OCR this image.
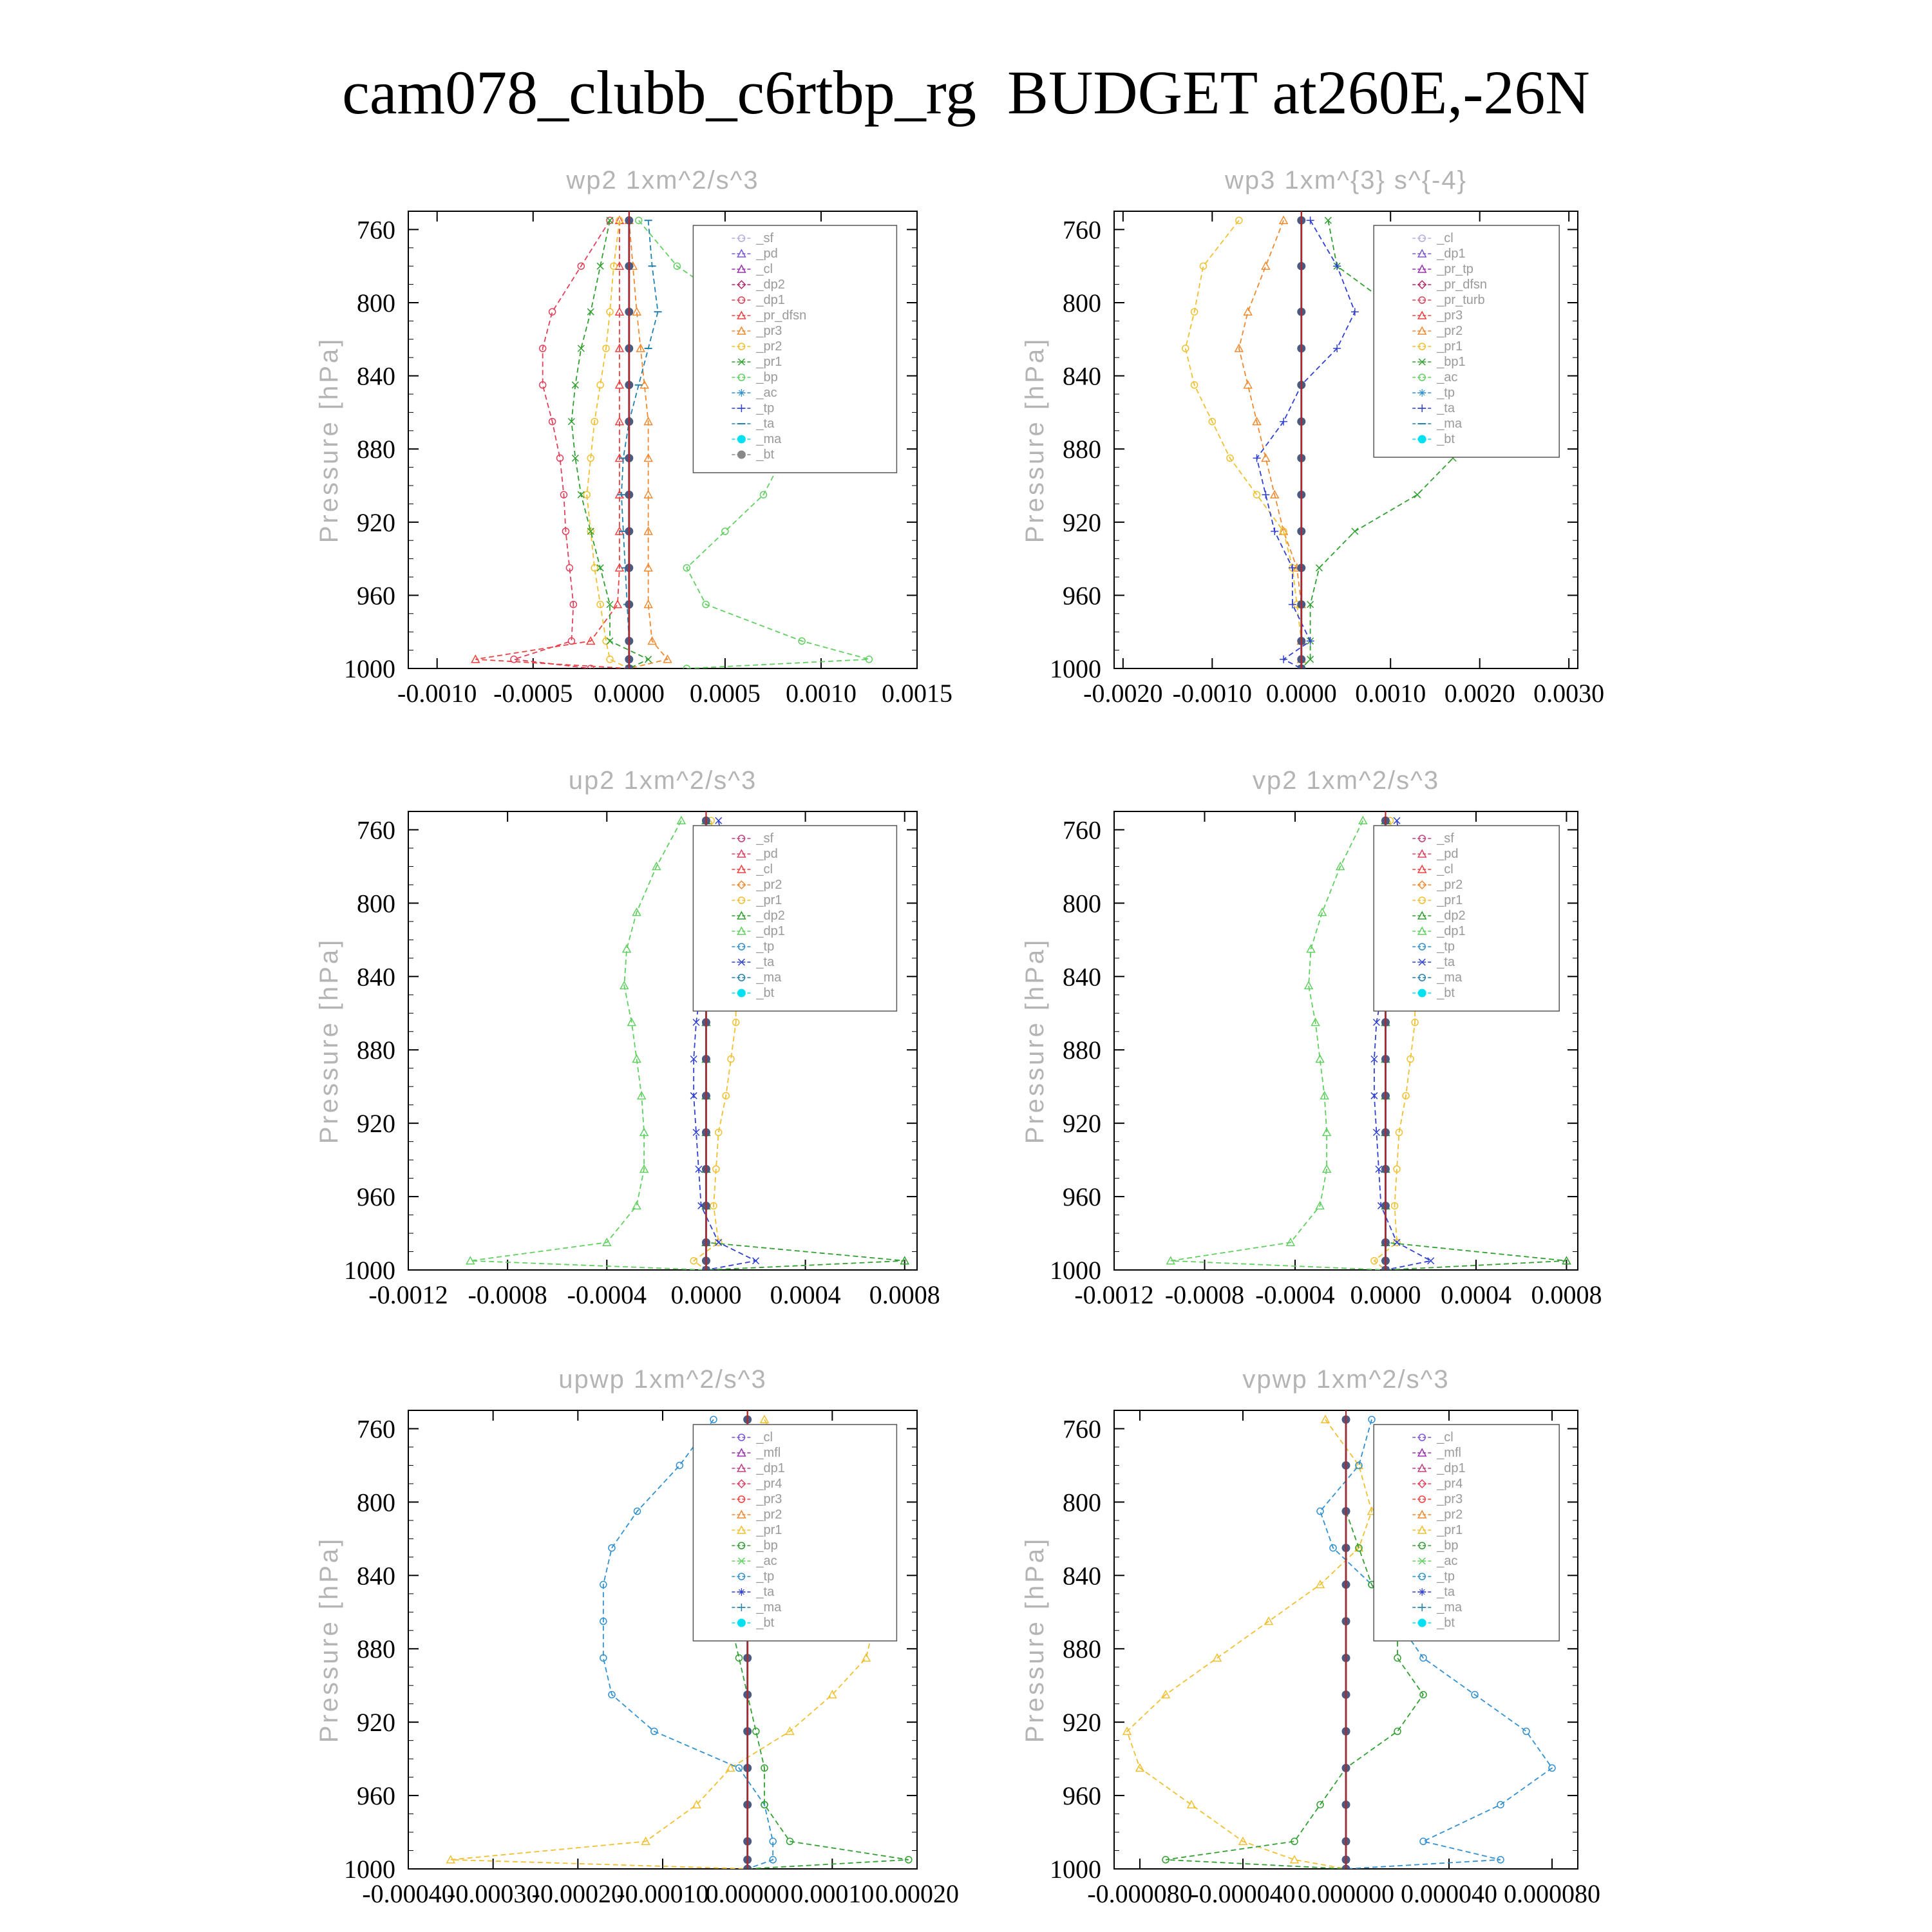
cam078_clubb_c6rtbp_rg  BUDGET at260E,-26N
wp2 1xm^2/s^3
Pressure [hPa]
760
800
840
880
920
960
1000
-0.0010 -0.0005 0.0000 0.0005 0.0010 0.0015
_sf
_pd
_cl
_dp2
_dp1
_pr_dfsn
_pr3
_pr2
_pr1
_bp
_ac
_tp
_ta
_ma
_bt
wp3 1xm^{3} s^{-4}
Pressure [hPa]
760
800
840
880
920
960
1000
-0.0020 -0.0010 0.0000 0.0010 0.0020 0.0030
_cl
_dp1
_pr_tp
_pr_dfsn
_pr_turb
_pr3
_pr2
_pr1
_bp1
_ac
_tp
_ta
_ma
_bt
up2 1xm^2/s^3
Pressure [hPa]
760
800
840
880
920
960
1000
-0.0012 -0.0008 -0.0004 0.0000 0.0004 0.0008
_sf
_pd
_cl
_pr2
_pr1
_dp2
_dp1
_tp
_ta
_ma
_bt
vp2 1xm^2/s^3
Pressure [hPa]
760
800
840
880
920
960
1000
-0.0012 -0.0008 -0.0004 0.0000 0.0004 0.0008
_sf
_pd
_cl
_pr2
_pr1
_dp2
_dp1
_tp
_ta
_ma
_bt
upwp 1xm^2/s^3
Pressure [hPa]
760
800
840
880
920
960
1000
-0.00040
-0.00030
-0.00020
-0.00010
0.00000 0.00010 0.00020
_cl
_mfl
_dp1
_pr4
_pr3
_pr2
_pr1
_bp
_ac
_tp
_ta
_ma
_bt
vpwp 1xm^2/s^3
Pressure [hPa]
760
800
840
880
920
960
1000
-0.000080
-0.000040 0.000000 0.000040 0.000080
_cl
_mfl
_dp1
_pr4
_pr3
_pr2
_pr1
_bp
_ac
_tp
_ta
_ma
_bt
